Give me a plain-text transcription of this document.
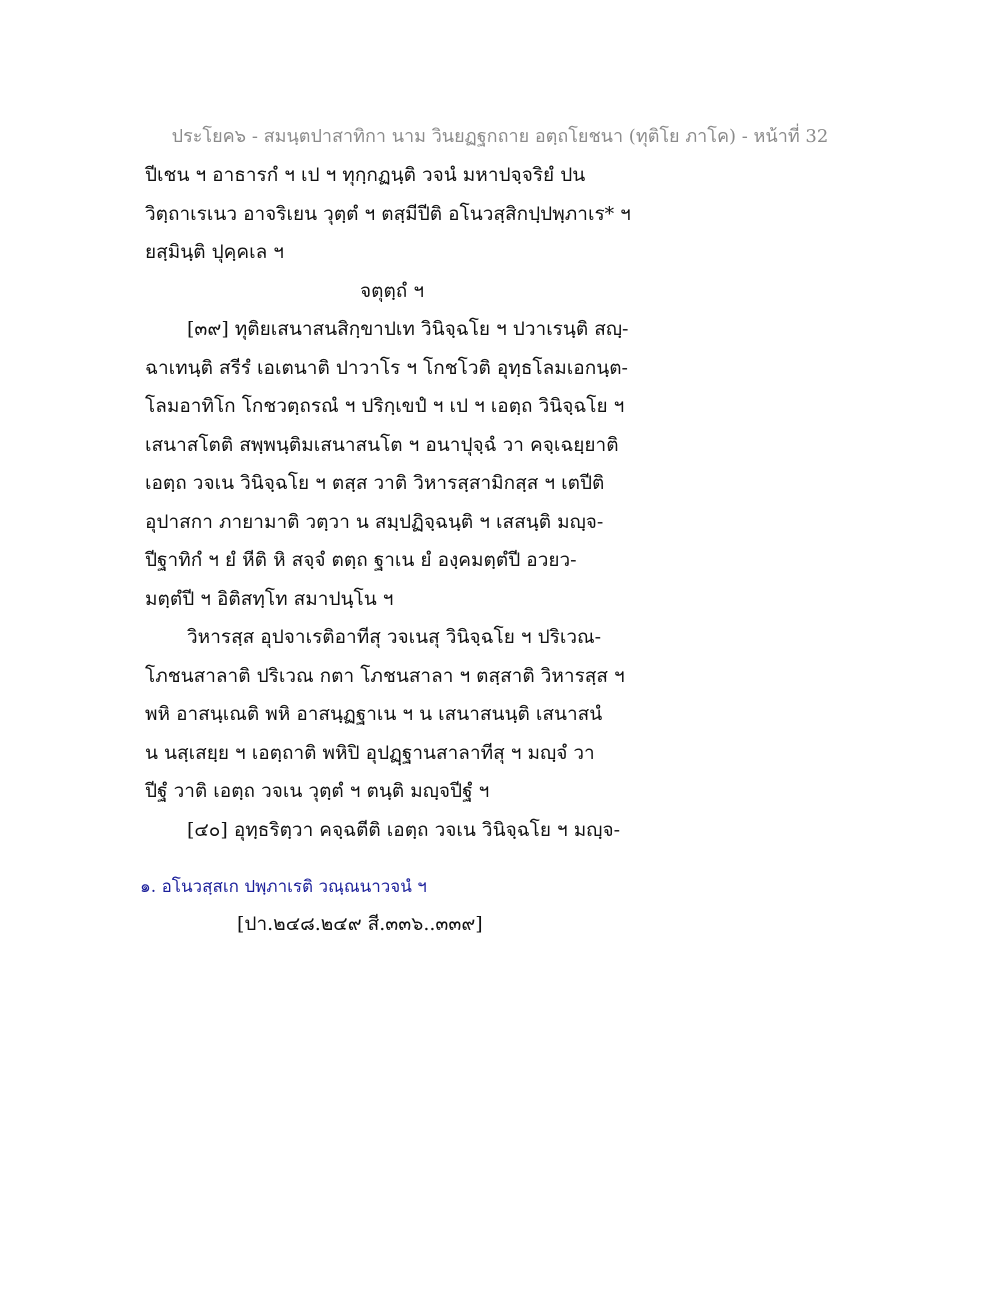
ประโยค๖ - สมนฺตปาสาทิกา นาม วินยฏฐกถาย อตฺถโยชนา (ทุติโย ภาโค) - หน้าที่ 32
ปีเชน ฯ อาธารกํ ฯ เป ฯ ทุกฺกฏนฺติ วจนํ มหาปจฺจริยํ ปน
วิตฺถาเรเนว อาจริเยน วุตฺตํ ฯ ตสฺมีปีติ อโนวสฺสิกปฺปพฺภาเร* ฯ
ยสฺมินฺติ ปุคฺคเล ฯ
จตุตฺถํ ฯ
[๓๙] ทุติยเสนาสนสิกฺขาปเท วินิจฺฉโย ฯ ปวาเรนฺติ สญฺ-
ฉาเทนฺติ สรีรํ เอเตนาติ ปาวาโร ฯ โกชโวติ อุทฺธโลมเอกนฺต-
โลมอาทิโก โกชวตฺถรณํ ฯ ปริกฺเขปํ ฯ เป ฯ เอตฺถ วินิจฺฉโย ฯ
เสนาสโตติ สพฺพนฺติมเสนาสนโต ฯ อนาปุจฺฉํ วา คจฺเฉยฺยาติ
เอตฺถ วจเน วินิจฺฉโย ฯ ตสฺส วาติ วิหารสฺสามิกสฺส ฯ เตปีติ
อุปาสกา ภายามาติ วตฺวา น สมฺปฏิจฺฉนฺติ ฯ เสสนฺติ มญฺจ-
ปีฐาทิกํ ฯ ยํ หีติ หิ สจฺจํ ตตฺถ ฐาเน ยํ องฺคมตฺตํปี อวยว-
มตฺตํปี ฯ อิติสทฺโท สมาปนฺโน ฯ
วิหารสฺส อุปจาเรติอาทีสุ วจเนสุ วินิจฺฉโย ฯ ปริเวณ-
โภชนสาลาติ ปริเวณ กตา โภชนสาลา ฯ ตสฺสาติ วิหารสฺส ฯ
พหิ อาสนฺเณติ พหิ อาสนฺฏฐาเน ฯ น เสนาสนนฺติ เสนาสนํ
น นสฺเสยฺย ฯ เอตฺถาติ พหิปิ อุปฏฺฐานสาลาทีสุ ฯ มญฺจํ วา
ปีฐํ วาติ เอตฺถ วจเน วุตฺตํ ฯ ตนฺติ มญฺจปีฐํ ฯ
[๔๐] อุทฺธริตฺวา คจฺฉตีติ เอตฺถ วจเน วินิจฺฉโย ฯ มญฺจ-
๑. อโนวสฺสเก ปพฺภาเรติ วณฺณนาวจนํ ฯ
[ปา.๒๔๘.๒๔๙ สี.๓๓๖..๓๓๙]
